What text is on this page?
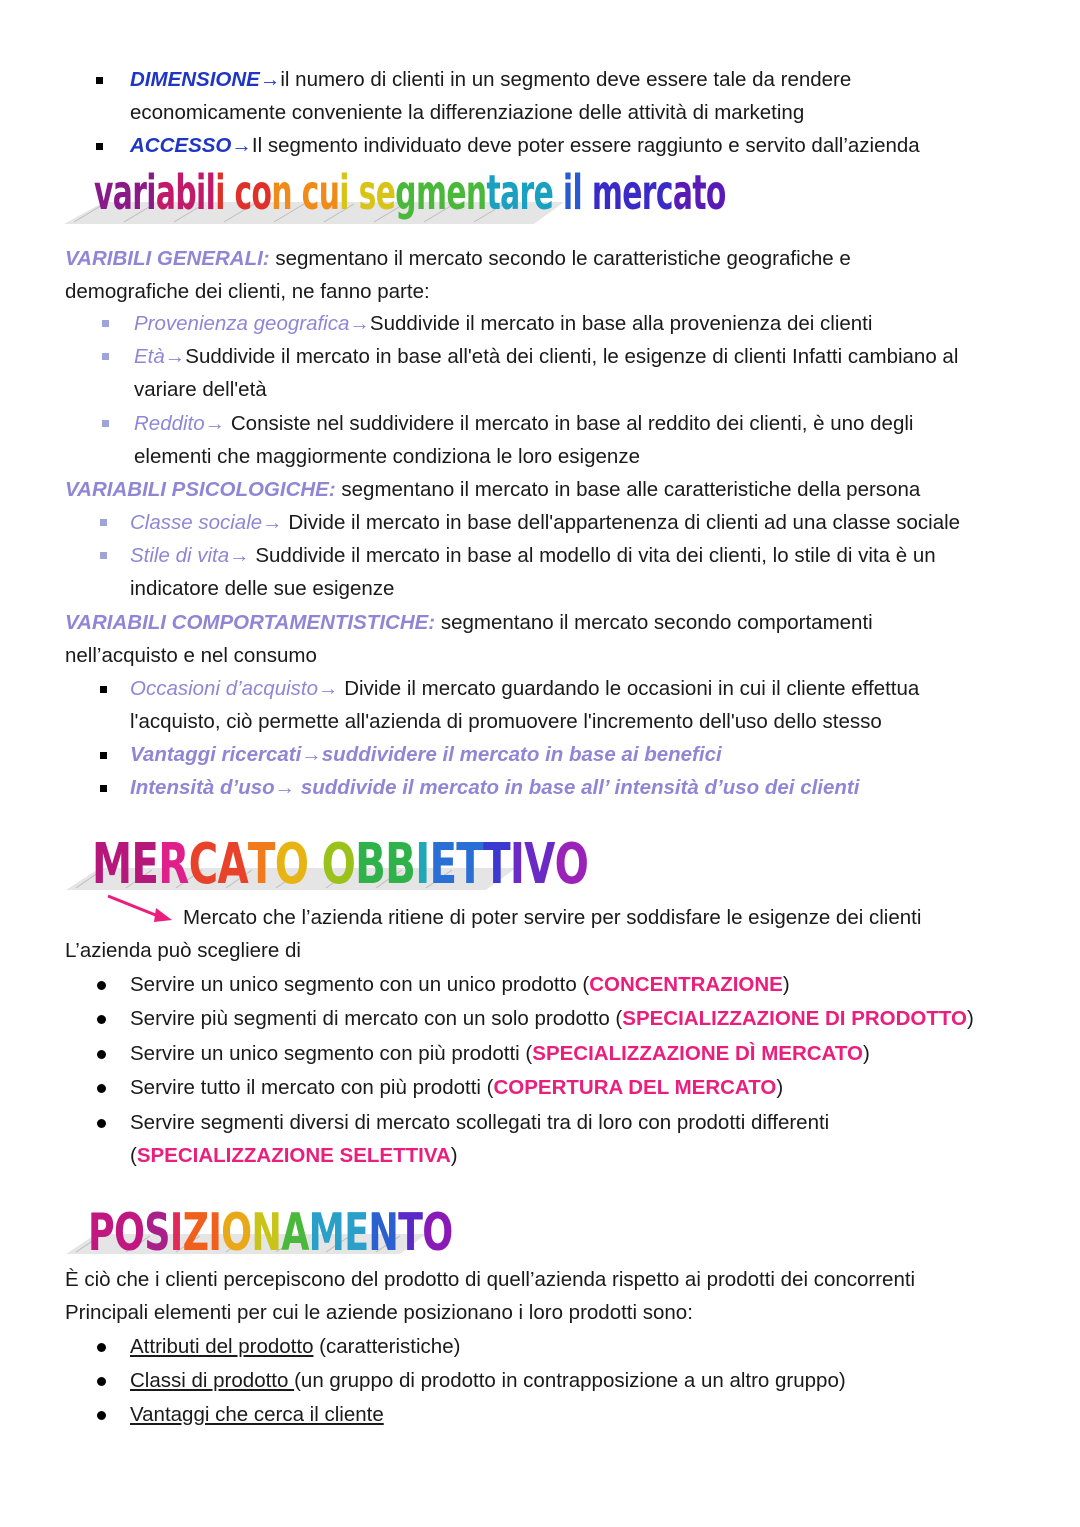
DIMENSIONE→il numero di clienti in un segmento deve essere tale da rendere
economicamente conveniente la differenziazione delle attività di marketing
ACCESSO→Il segmento individuato deve poter essere raggiunto e servito dall’azienda
variabili con cui segmentare il mercato
VARIBILI GENERALI: segmentano il mercato secondo le caratteristiche geografiche e
demografiche dei clienti, ne fanno parte:
Provenienza geografica→Suddivide il mercato in base alla provenienza dei clienti
Età→Suddivide il mercato in base all'età dei clienti, le esigenze di clienti Infatti cambiano al
variare dell'età
Reddito→ Consiste nel suddividere il mercato in base al reddito dei clienti, è uno degli
elementi che maggiormente condiziona le loro esigenze
VARIABILI PSICOLOGICHE: segmentano il mercato in base alle caratteristiche della persona
Classe sociale→ Divide il mercato in base dell'appartenenza di clienti ad una classe sociale
Stile di vita→ Suddivide il mercato in base al modello di vita dei clienti, lo stile di vita è un
indicatore delle sue esigenze
VARIABILI COMPORTAMENTISTICHE: segmentano il mercato secondo comportamenti
nell’acquisto e nel consumo
Occasioni d’acquisto→ Divide il mercato guardando le occasioni in cui il cliente effettua
l'acquisto, ciò permette all'azienda di promuovere l'incremento dell'uso dello stesso
Vantaggi ricercati→suddividere il mercato in base ai benefici
Intensità d’uso→ suddivide il mercato in base all’ intensità d’uso dei clienti
MERCATO OBBIETTIVO
Mercato che l’azienda ritiene di poter servire per soddisfare le esigenze dei clienti
L’azienda può scegliere di
Servire un unico segmento con un unico prodotto (CONCENTRAZIONE)
Servire più segmenti di mercato con un solo prodotto (SPECIALIZZAZIONE DI PRODOTTO)
Servire un unico segmento con più prodotti (SPECIALIZZAZIONE DÌ MERCATO)
Servire tutto il mercato con più prodotti (COPERTURA DEL MERCATO)
Servire segmenti diversi di mercato scollegati tra di loro con prodotti differenti
(SPECIALIZZAZIONE SELETTIVA)
POSIZIONAMENTO
È ciò che i clienti percepiscono del prodotto di quell’azienda rispetto ai prodotti dei concorrenti
Principali elementi per cui le aziende posizionano i loro prodotti sono:
Attributi del prodotto (caratteristiche)
Classi di prodotto (un gruppo di prodotto in contrapposizione a un altro gruppo)
Vantaggi che cerca il cliente
